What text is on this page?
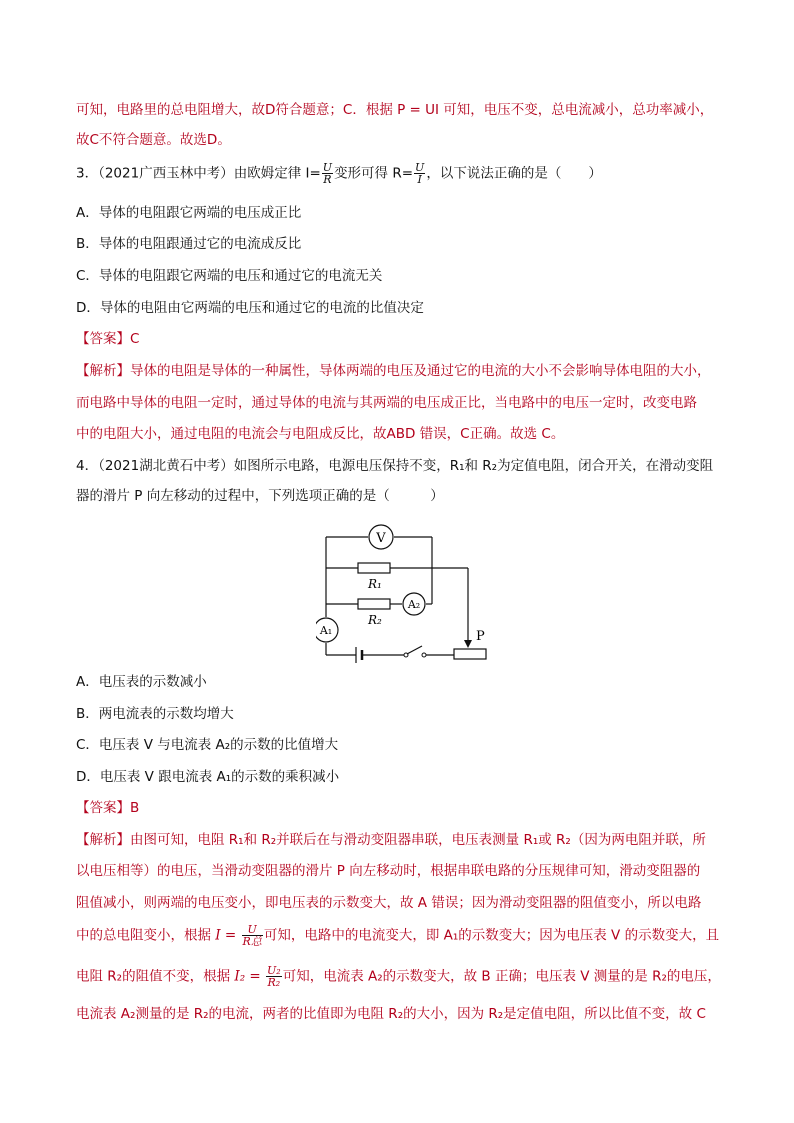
可知，电路里的总电阻增大，故D符合题意；C．根据 P = UI 可知，电压不变，总电流减小，总功率减小，
故C不符合题意。故选D。
3．（2021广西玉林中考）由欧姆定律 $I= \frac{U}{R}$ 变形可得 $R= \frac{U}{I}$ ，以下说法正确的是（　　）
A．导体的电阻跟它两端的电压成正比
B．导体的电阻跟通过它的电流成反比
C．导体的电阻跟它两端的电压和通过它的电流无关
D．导体的电阻由它两端的电压和通过它的电流的比值决定
【答案】C
【解析】导体的电阻是导体的一种属性，导体两端的电压及通过它的电流的大小不会影响导体电阻的大小，
而电路中导体的电阻一定时，通过导体的电流与其两端的电压成正比，当电路中的电压一定时，改变电路
中的电阻大小，通过电阻的电流会与电阻成反比，故ABD 错误，C正确。故选 C。
4．（2021湖北黄石中考）如图所示电路，电源电压保持不变，R₁和 R₂为定值电阻，闭合开关，在滑动变阻
器的滑片 P 向左移动的过程中，下列选项正确的是（　　　）
V
R₁
R₂
A₂
A₁	P
A．电压表的示数减小
B．两电流表的示数均增大
C．电压表 V 与电流表 A₂的示数的比值增大
D．电压表 V 跟电流表 A₁的示数的乘积减小
【答案】B
【解析】由图可知，电阻 R₁和 R₂并联后在与滑动变阻器串联，电压表测量 R₁或 R₂（因为两电阻并联，所
以电压相等）的电压，当滑动变阻器的滑片 P 向左移动时，根据串联电路的分压规律可知，滑动变阻器的
阻值减小，则两端的电压变小，即电压表的示数变大，故 A 错误；因为滑动变阻器的阻值变小，所以电路
中的总电阻变小，根据 $I = \frac{U}{\text{R总}}$ 可知，电路中的电流变大，即 A₁的示数变大；因为电压表 V 的示数变大，且
电阻 R₂的阻值不变，根据 $I_2 = \frac{\text{U₂}}{\text{R₂}}$ 可知，电流表 A₂的示数变大，故 B 正确；电压表 V 测量的是 R₂的电压，
电流表 A₂测量的是 R₂的电流，两者的比值即为电阻 R₂的大小，因为 R₂是定值电阻，所以比值不变，故 C
